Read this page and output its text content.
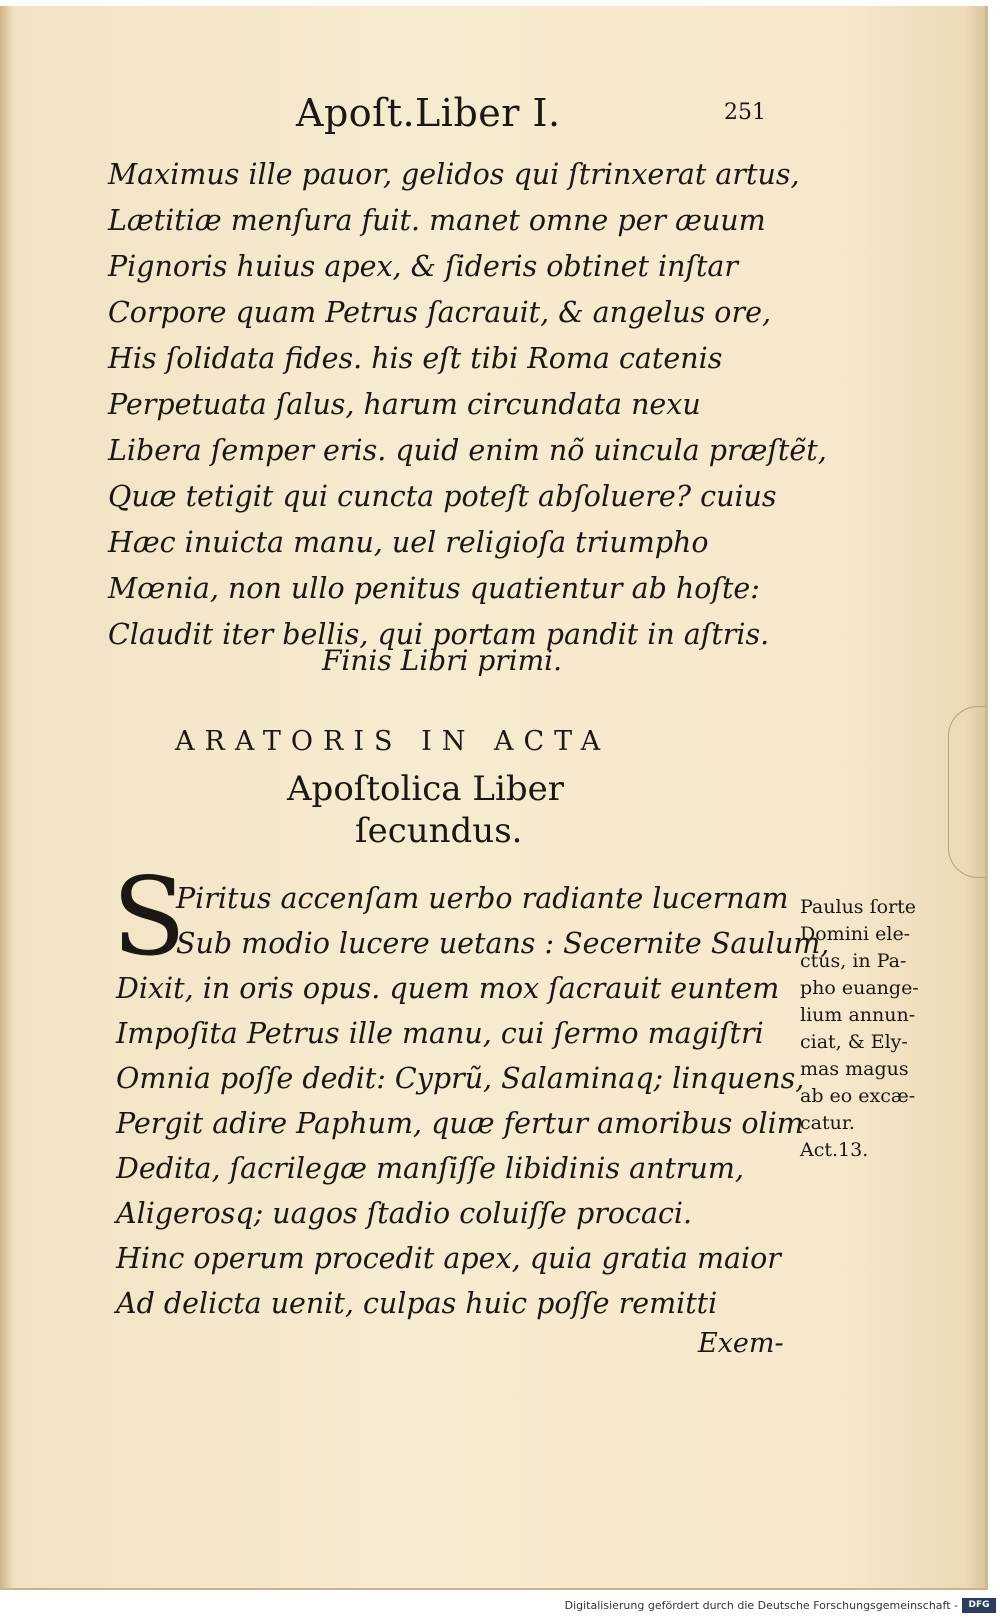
Apoſt.Liber I.	251
Maximus ille pauor, gelidos qui ſtrinxerat artus,
Lætitiæ menſura fuit. manet omne per æuum
Pignoris huius apex, & ſideris obtinet inſtar
Corpore quam Petrus ſacrauit, & angelus ore,
His ſolidata fides. his eſt tibi Roma catenis
Perpetuata ſalus, harum circundata nexu
Libera ſemper eris. quid enim nõ uincula præſtẽt,
Quæ tetigit qui cuncta poteſt abſoluere? cuius
Hæc inuicta manu, uel religioſa triumpho
Mœnia, non ullo penitus quatientur ab hoſte:
Claudit iter bellis, qui portam pandit in aſtris.
Finis Libri primi.
ARATORIS IN ACTA
Apoſtolica Liber
ſecundus.
S
Piritus accenſam uerbo radiante lucernam
Sub modio lucere uetans : Secernite Saulum,
Dixit, in oris opus. quem mox ſacrauit euntem
Impoſita Petrus ille manu, cui ſermo magiſtri
Omnia poſſe dedit: Cyprũ, Salaminaq; linquens,
Pergit adire Paphum, quæ fertur amoribus olim
Dedita, ſacrilegæ manſiſſe libidinis antrum,
Aligerosq; uagos ſtadio coluiſſe procaci.
Hinc operum procedit apex, quia gratia maior
Ad delicta uenit, culpas huic poſſe remitti
Paulus ſorte
Domini ele-
ctus, in Pa-
pho euange-
lium annun-
ciat, & Ely-
mas magus
ab eo excæ-
catur.
Act.13.
Exem-
Digitalisierung gefördert durch die Deutsche Forschungsgemeinschaft -	DFG
